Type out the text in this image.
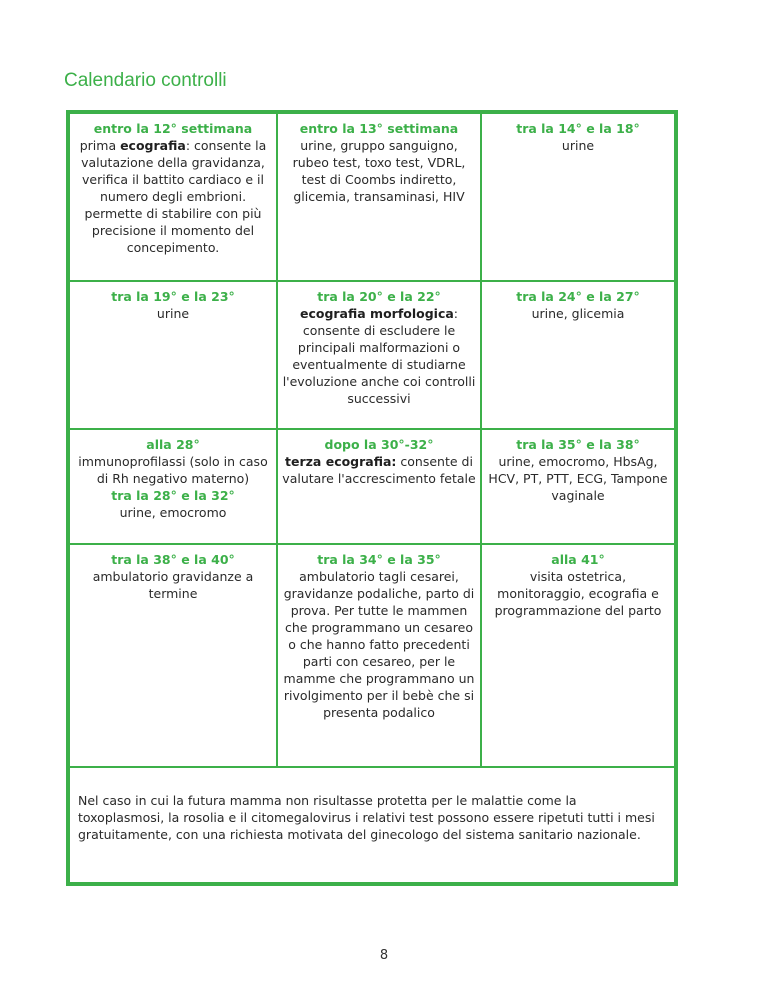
Calendario controlli
entro la 12° settimana
prima ecografia: consente la valutazione della gravidanza, verifica il battito cardiaco e il numero degli embrioni. permette di stabilire con più precisione il momento del concepimento.
entro la 13° settimana
urine, gruppo sanguigno, rubeo test, toxo test, VDRL, test di Coombs indiretto, glicemia, transaminasi, HIV
tra la 14° e la 18°
urine
tra la 19° e la 23°
urine
tra la 20° e la 22°
ecografia morfologica: consente di escludere le principali malformazioni o eventualmente di studiarne l'evoluzione anche coi controlli successivi
tra la 24° e la 27°
urine, glicemia
alla 28°
immunoprofilassi (solo in caso di Rh negativo materno)
tra la 28° e la 32°
urine, emocromo
dopo la 30°-32°
terza ecografia: consente di valutare l'accrescimento fetale
tra la 35° e la 38°
urine, emocromo, HbsAg, HCV, PT, PTT, ECG, Tampone vaginale
tra la 38° e la 40°
ambulatorio gravidanze a termine
tra la 34° e la 35°
ambulatorio tagli cesarei, gravidanze podaliche, parto di prova. Per tutte le mammen che programmano un cesareo o che hanno fatto precedenti parti con cesareo, per le mamme che programmano un rivolgimento per il bebè che si presenta podalico
alla 41°
visita ostetrica, monitoraggio, ecografia e programmazione del parto
Nel caso in cui la futura mamma non risultasse protetta per le malattie come la toxoplasmosi, la rosolia e il citomegalovirus i relativi test possono essere ripetuti tutti i mesi gratuitamente, con una richiesta motivata del ginecologo del sistema sanitario nazionale.
8
